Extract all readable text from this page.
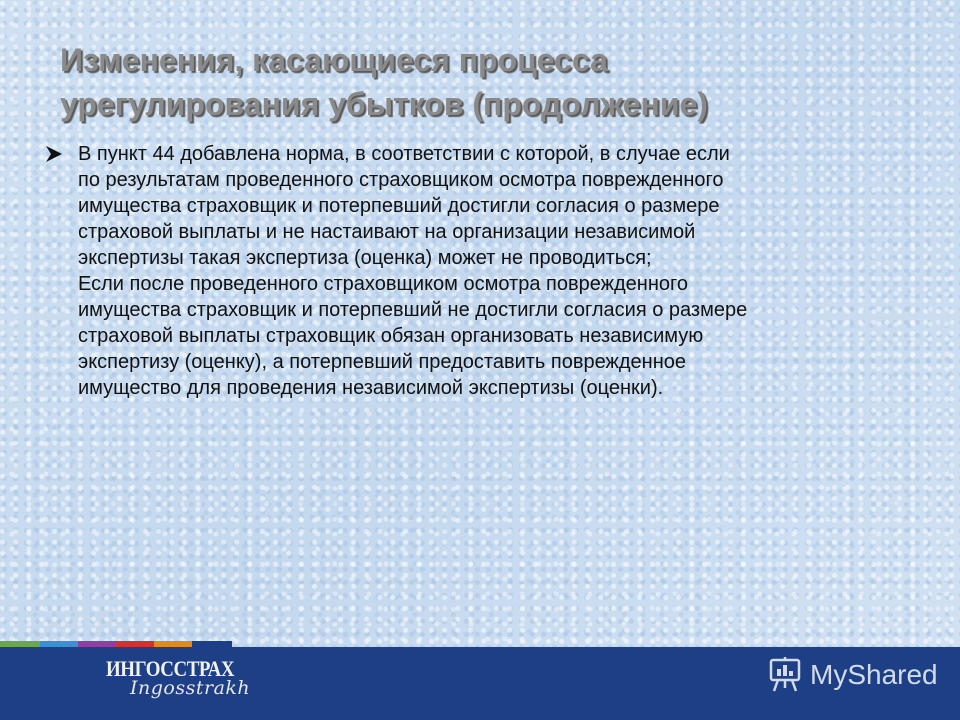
Изменения, касающиеся процесса
урегулирования убытков (продолжение)
В пункт 44 добавлена норма, в соответствии с которой, в случае если
по результатам проведенного страховщиком осмотра поврежденного
имущества страховщик и потерпевший достигли согласия о размере
страховой выплаты и не настаивают на организации независимой
экспертизы такая экспертиза (оценка) может не проводиться;
Если после проведенного страховщиком осмотра поврежденного
имущества страховщик и потерпевший не достигли согласия о размере
страховой выплаты страховщик обязан организовать независимую
экспертизу (оценку), а потерпевший предоставить поврежденное
имущество для проведения независимой экспертизы (оценки).
ИНГОССТРАХ
Ingosstrakh	MyShared
